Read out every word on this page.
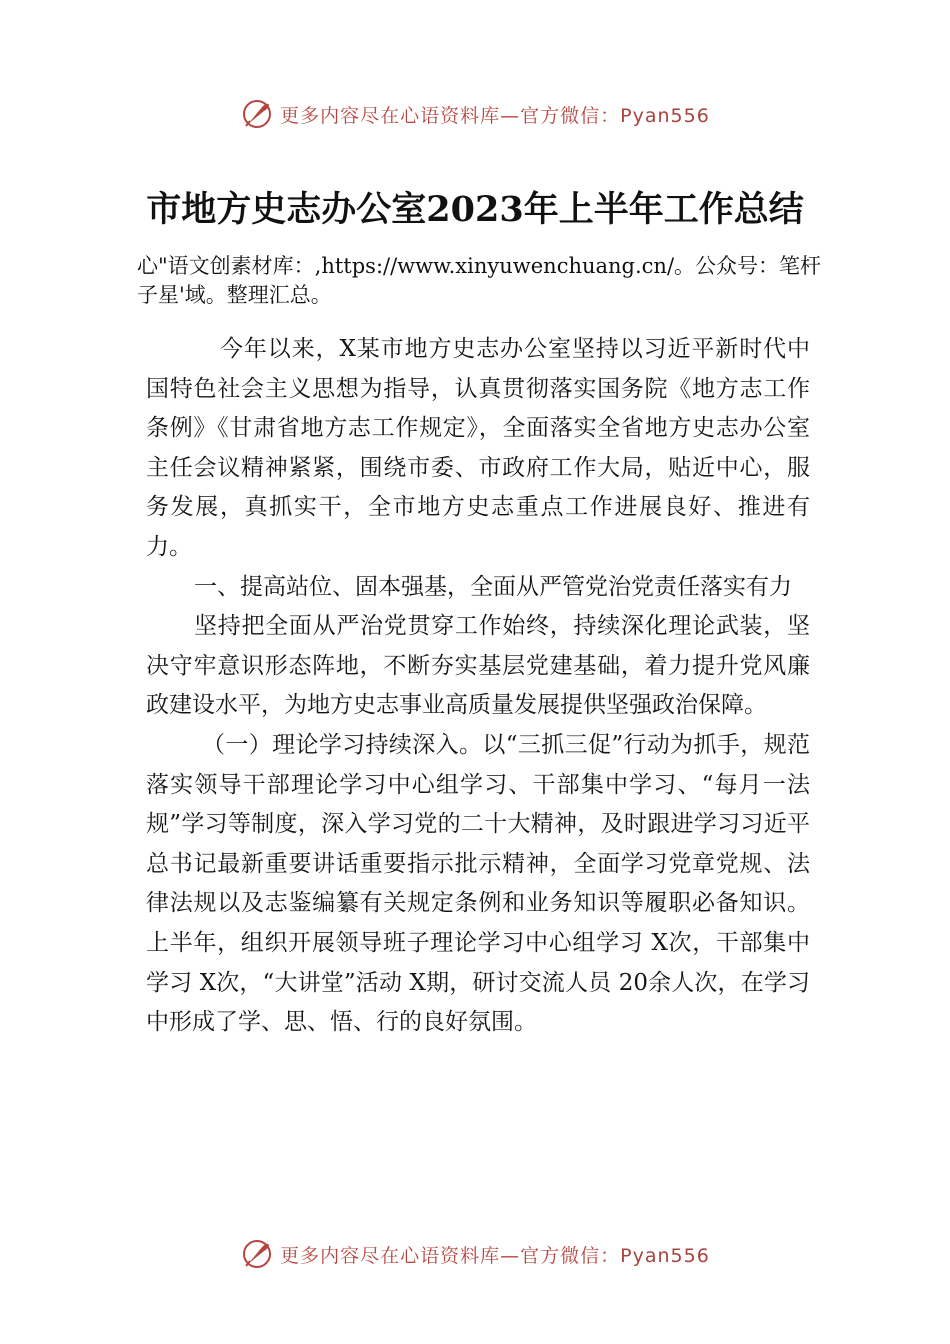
更多内容尽在心语资料库—官方微信：Pyan556
市地方史志办公室2023年上半年工作总结
心"语文创素材库：,https://www.xinyuwenchuang.cn/。公众号：笔杆子星'域。整理汇总。

今年以来，X某市地方史志办公室坚持以习近平新时代中国特色社会主义思想为指导，认真贯彻落实国务院《地方志工作条例》《甘肃省地方志工作规定》，全面落实全省地方史志办公室主任会议精神紧紧，围绕市委、市政府工作大局，贴近中心，服务发展，真抓实干，全市地方史志重点工作进展良好、推进有力。

一、提高站位、固本强基，全面从严管党治党责任落实有力

坚持把全面从严治党贯穿工作始终，持续深化理论武装，坚决守牢意识形态阵地，不断夯实基层党建基础，着力提升党风廉政建设水平，为地方史志事业高质量发展提供坚强政治保障。

（一）理论学习持续深入。以“三抓三促”行动为抓手，规范落实领导干部理论学习中心组学习、干部集中学习、“每月一法规”学习等制度，深入学习党的二十大精神，及时跟进学习习近平总书记最新重要讲话重要指示批示精神，全面学习党章党规、法律法规以及志鉴编纂有关规定条例和业务知识等履职必备知识。上半年，组织开展领导班子理论学习中心组学习 X次，干部集中学习 X次，“大讲堂”活动 X期，研讨交流人员 20余人次，在学习中形成了学、思、悟、行的良好氛围。

更多内容尽在心语资料库—官方微信：Pyan556
